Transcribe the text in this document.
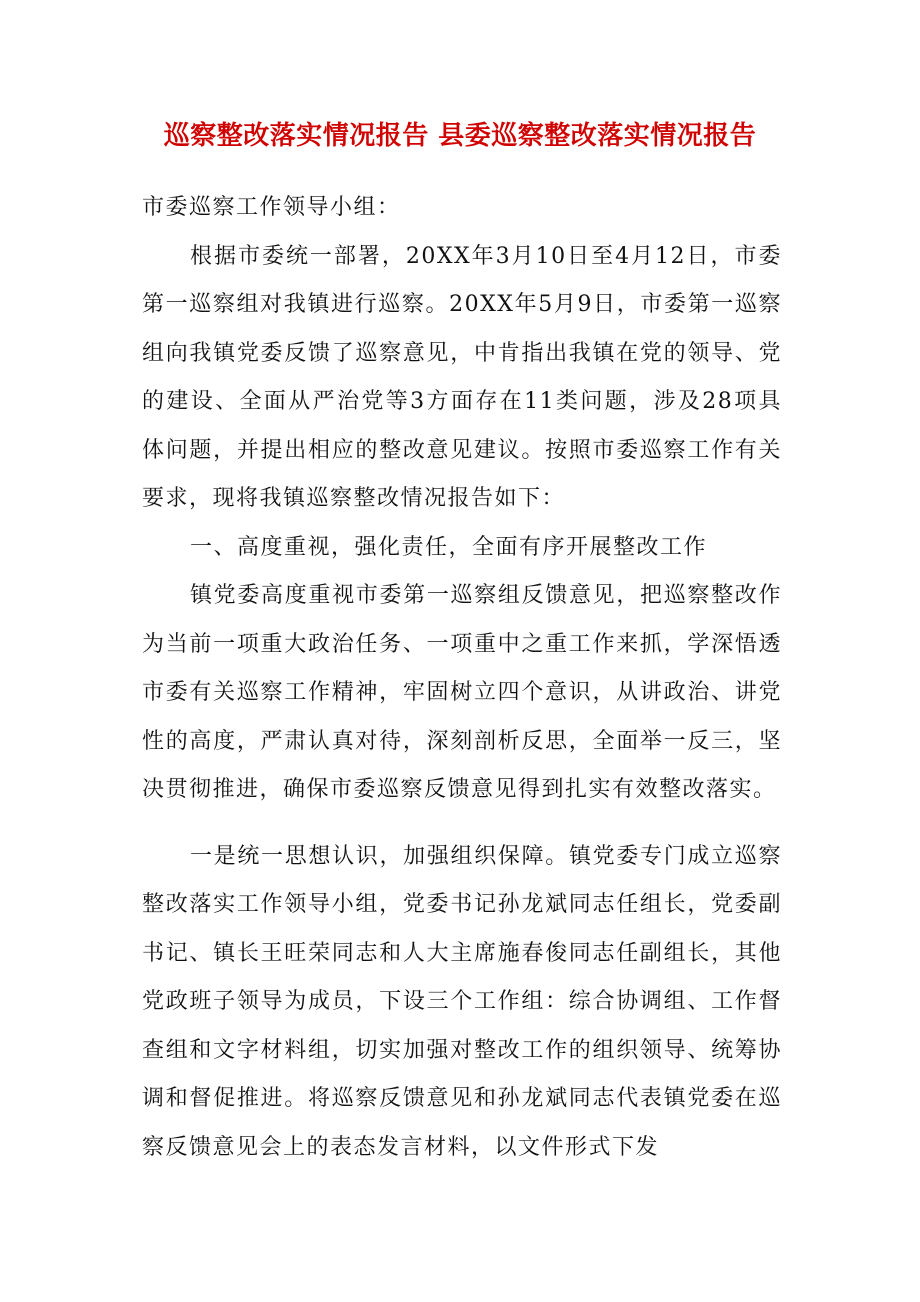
巡察整改落实情况报告 县委巡察整改落实情况报告

市委巡察工作领导小组：

根据市委统一部署，20XX年3月10日至4月12日，市委第一巡察组对我镇进行巡察。20XX年5月9日，市委第一巡察组向我镇党委反馈了巡察意见，中肯指出我镇在党的领导、党的建设、全面从严治党等3方面存在11类问题，涉及28项具体问题，并提出相应的整改意见建议。按照市委巡察工作有关要求，现将我镇巡察整改情况报告如下：

一、高度重视，强化责任，全面有序开展整改工作

镇党委高度重视市委第一巡察组反馈意见，把巡察整改作为当前一项重大政治任务、一项重中之重工作来抓，学深悟透市委有关巡察工作精神，牢固树立四个意识，从讲政治、讲党性的高度，严肃认真对待，深刻剖析反思，全面举一反三，坚决贯彻推进，确保市委巡察反馈意见得到扎实有效整改落实。

一是统一思想认识，加强组织保障。镇党委专门成立巡察整改落实工作领导小组，党委书记孙龙斌同志任组长，党委副书记、镇长王旺荣同志和人大主席施春俊同志任副组长，其他党政班子领导为成员，下设三个工作组：综合协调组、工作督查组和文字材料组，切实加强对整改工作的组织领导、统筹协调和督促推进。将巡察反馈意见和孙龙斌同志代表镇党委在巡察反馈意见会上的表态发言材料，以文件形式下发
